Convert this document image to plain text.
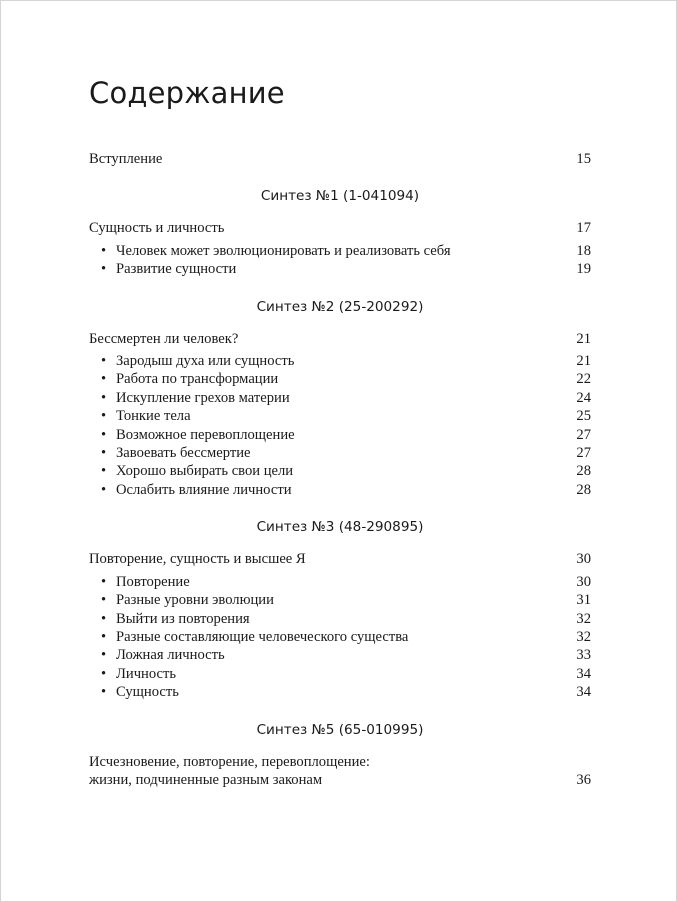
Содержание
Вступление	15
Синтез №1 (1-041094)
Сущность и личность	17
• Человек может эволюционировать и реализовать себя	18
• Развитие сущности	19
Синтез №2 (25-200292)
Бессмертен ли человек?	21
• Зародыш духа или сущность	21
• Работа по трансформации	22
• Искупление грехов материи	24
• Тонкие тела	25
• Возможное перевоплощение	27
• Завоевать бессмертие	27
• Хорошо выбирать свои цели	28
• Ослабить влияние личности	28
Синтез №3 (48-290895)
Повторение, сущность и высшее Я	30
• Повторение	30
• Разные уровни эволюции	31
• Выйти из повторения	32
• Разные составляющие человеческого существа	32
• Ложная личность	33
• Личность	34
• Сущность	34
Синтез №5 (65-010995)
Исчезновение, повторение, перевоплощение:
жизни, подчиненные разным законам	36
